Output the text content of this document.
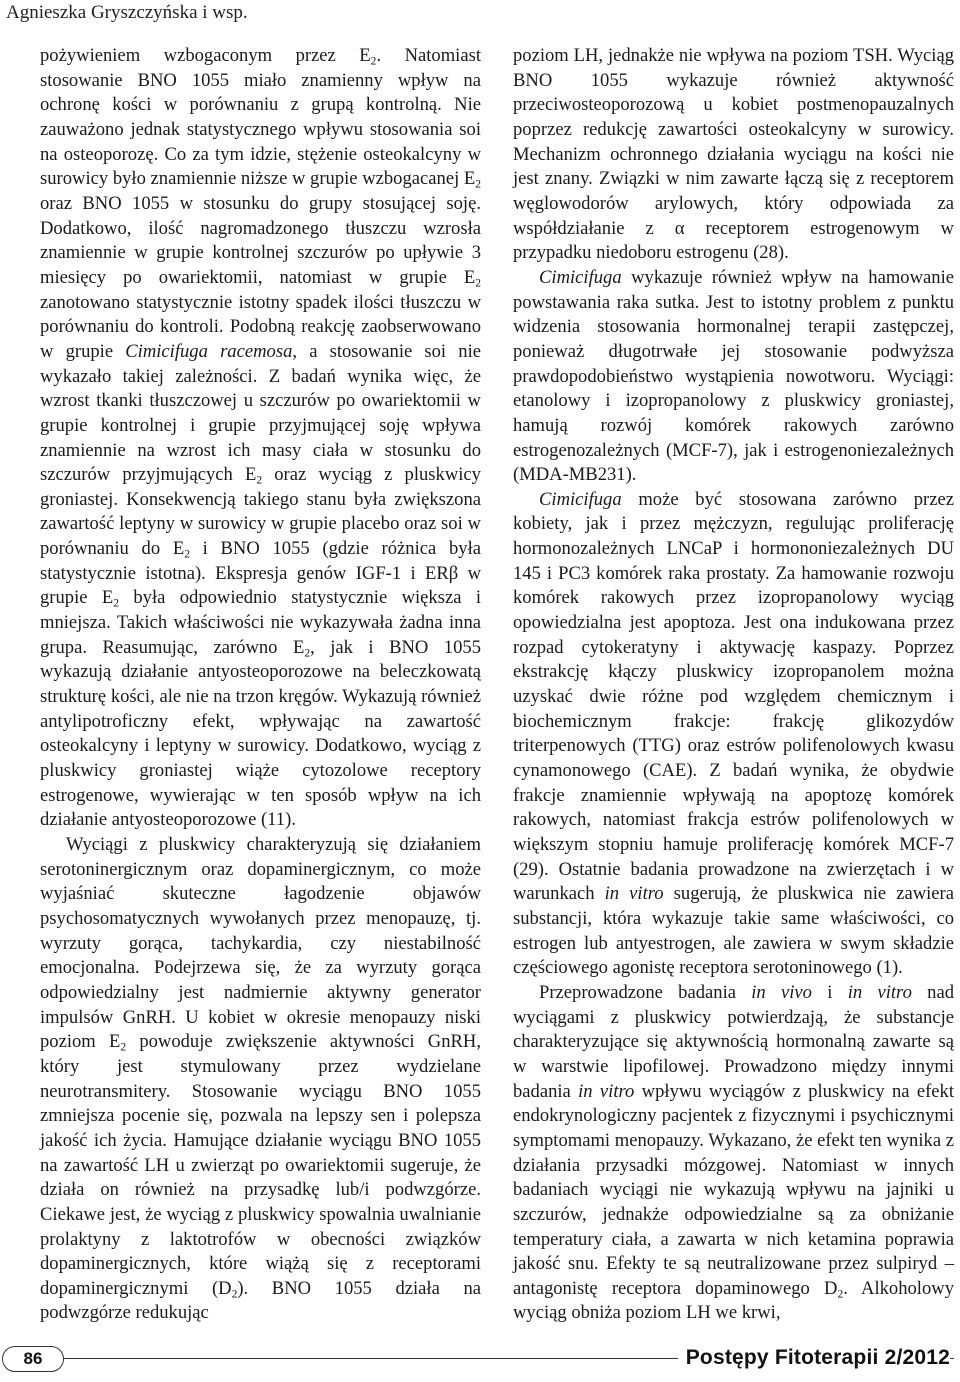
Agnieszka Gryszczyńska i wsp.

pożywieniem wzbogaconym przez $E_2$. Natomiast stosowanie BNO 1055 miało znamienny wpływ na ochronę kości w porównaniu z grupą kontrolną. Nie zauważono jednak statystycznego wpływu stosowania soi na osteoporozę. Co za tym idzie, stężenie osteokalcyny w surowicy było znamiennie niższe w grupie wzbogacanej $E_2$ oraz BNO 1055 w stosunku do grupy stosującej soję. Dodatkowo, ilość nagromadzonego tłuszczu wzrosła znamiennie w grupie kontrolnej szczurów po upływie 3 miesięcy po owariektomii, natomiast w grupie $E_2$ zanotowano statystycznie istotny spadek ilości tłuszczu w porównaniu do kontroli. Podobną reakcję zaobserwowano w grupie Cimicifuga racemosa, a stosowanie soi nie wykazało takiej zależności. Z badań wynika więc, że wzrost tkanki tłuszczowej u szczurów po owariektomii w grupie kontrolnej i grupie przyjmującej soję wpływa znamiennie na wzrost ich masy ciała w stosunku do szczurów przyjmujących $E_2$ oraz wyciąg z pluskwicy groniastej. Konsekwencją takiego stanu była zwiększona zawartość leptyny w surowicy w grupie placebo oraz soi w porównaniu do $E_2$ i BNO 1055 (gdzie różnica była statystycznie istotna). Ekspresja genów IGF-1 i ERβ w grupie $E_2$ była odpowiednio statystycznie większa i mniejsza. Takich właściwości nie wykazywała żadna inna grupa. Reasumując, zarówno $E_2$, jak i BNO 1055 wykazują działanie antyosteoporozowe na beleczkowatą strukturę kości, ale nie na trzon kręgów. Wykazują również antylipotroficzny efekt, wpływając na zawartość osteokalcyny i leptyny w surowicy. Dodatkowo, wyciąg z pluskwicy groniastej wiąże cytozolowe receptory estrogenowe, wywierając w ten sposób wpływ na ich działanie antyosteoporozowe (11).

Wyciągi z pluskwicy charakteryzują się działaniem serotoninergicznym oraz dopaminergicznym, co może wyjaśniać skuteczne łagodzenie objawów psychosomatycznych wywołanych przez menopauzę, tj. wyrzuty gorąca, tachykardia, czy niestabilność emocjonalna. Podejrzewa się, że za wyrzuty gorąca odpowiedzialny jest nadmiernie aktywny generator impulsów GnRH. U kobiet w okresie menopauzy niski poziom $E_2$ powoduje zwiększenie aktywności GnRH, który jest stymulowany przez wydzielane neurotransmitery. Stosowanie wyciągu BNO 1055 zmniejsza pocenie się, pozwala na lepszy sen i polepsza jakość ich życia. Hamujące działanie wyciągu BNO 1055 na zawartość LH u zwierząt po owariektomii sugeruje, że działa on również na przysadkę lub/i podwzgórze. Ciekawe jest, że wyciąg z pluskwicy spowalnia uwalnianie prolaktyny z laktotrofów w obecności związków dopaminergicznych, które wiążą się z receptorami dopaminergicznymi $(D_2)$. BNO 1055 działa na podwzgórze redukując

poziom LH, jednakże nie wpływa na poziom TSH. Wyciąg BNO 1055 wykazuje również aktywność przeciwosteoporozową u kobiet postmenopauzalnych poprzez redukcję zawartości osteokalcyny w surowicy. Mechanizm ochronnego działania wyciągu na kości nie jest znany. Związki w nim zawarte łączą się z receptorem węglowodorów arylowych, który odpowiada za współdziałanie z α receptorem estrogenowym w przypadku niedoboru estrogenu (28).

Cimicifuga wykazuje również wpływ na hamowanie powstawania raka sutka. Jest to istotny problem z punktu widzenia stosowania hormonalnej terapii zastępczej, ponieważ długotrwałe jej stosowanie podwyższa prawdopodobieństwo wystąpienia nowotworu. Wyciągi: etanolowy i izopropanolowy z pluskwicy groniastej, hamują rozwój komórek rakowych zarówno estrogenozależnych (MCF-7), jak i estrogenoniezależnych (MDA-MB231).

Cimicifuga może być stosowana zarówno przez kobiety, jak i przez mężczyzn, regulując proliferację hormonozależnych LNCaP i hormononiezależnych DU 145 i PC3 komórek raka prostaty. Za hamowanie rozwoju komórek rakowych przez izopropanolowy wyciąg opowiedzialna jest apoptoza. Jest ona indukowana przez rozpad cytokeratyny i aktywację kaspazy. Poprzez ekstrakcję kłączy pluskwicy izopropanolem można uzyskać dwie różne pod względem chemicznym i biochemicznym frakcje: frakcję glikozydów triterpenowych (TTG) oraz estrów polifenolowych kwasu cynamonowego (CAE). Z badań wynika, że obydwie frakcje znamiennie wpływają na apoptozę komórek rakowych, natomiast frakcja estrów polifenolowych w większym stopniu hamuje proliferację komórek MCF-7 (29). Ostatnie badania prowadzone na zwierzętach i w warunkach in vitro sugerują, że pluskwica nie zawiera substancji, która wykazuje takie same właściwości, co estrogen lub antyestrogen, ale zawiera w swym składzie częściowego agonistę receptora serotoninowego (1).

Przeprowadzone badania in vivo i in vitro nad wyciągami z pluskwicy potwierdzają, że substancje charakteryzujące się aktywnością hormonalną zawarte są w warstwie lipofilowej. Prowadzono między innymi badania in vitro wpływu wyciągów z pluskwicy na efekt endokrynologiczny pacjentek z fizycznymi i psychicznymi symptomami menopauzy. Wykazano, że efekt ten wynika z działania przysadki mózgowej. Natomiast w innych badaniach wyciągi nie wykazują wpływu na jajniki u szczurów, jednakże odpowiedzialne są za obniżanie temperatury ciała, a zawarta w nich ketamina poprawia jakość snu. Efekty te są neutralizowane przez sulpiryd – antagonistę receptora dopaminowego $D_2$. Alkoholowy wyciąg obniża poziom LH we krwi,

86	Postępy Fitoterapii 2/2012
